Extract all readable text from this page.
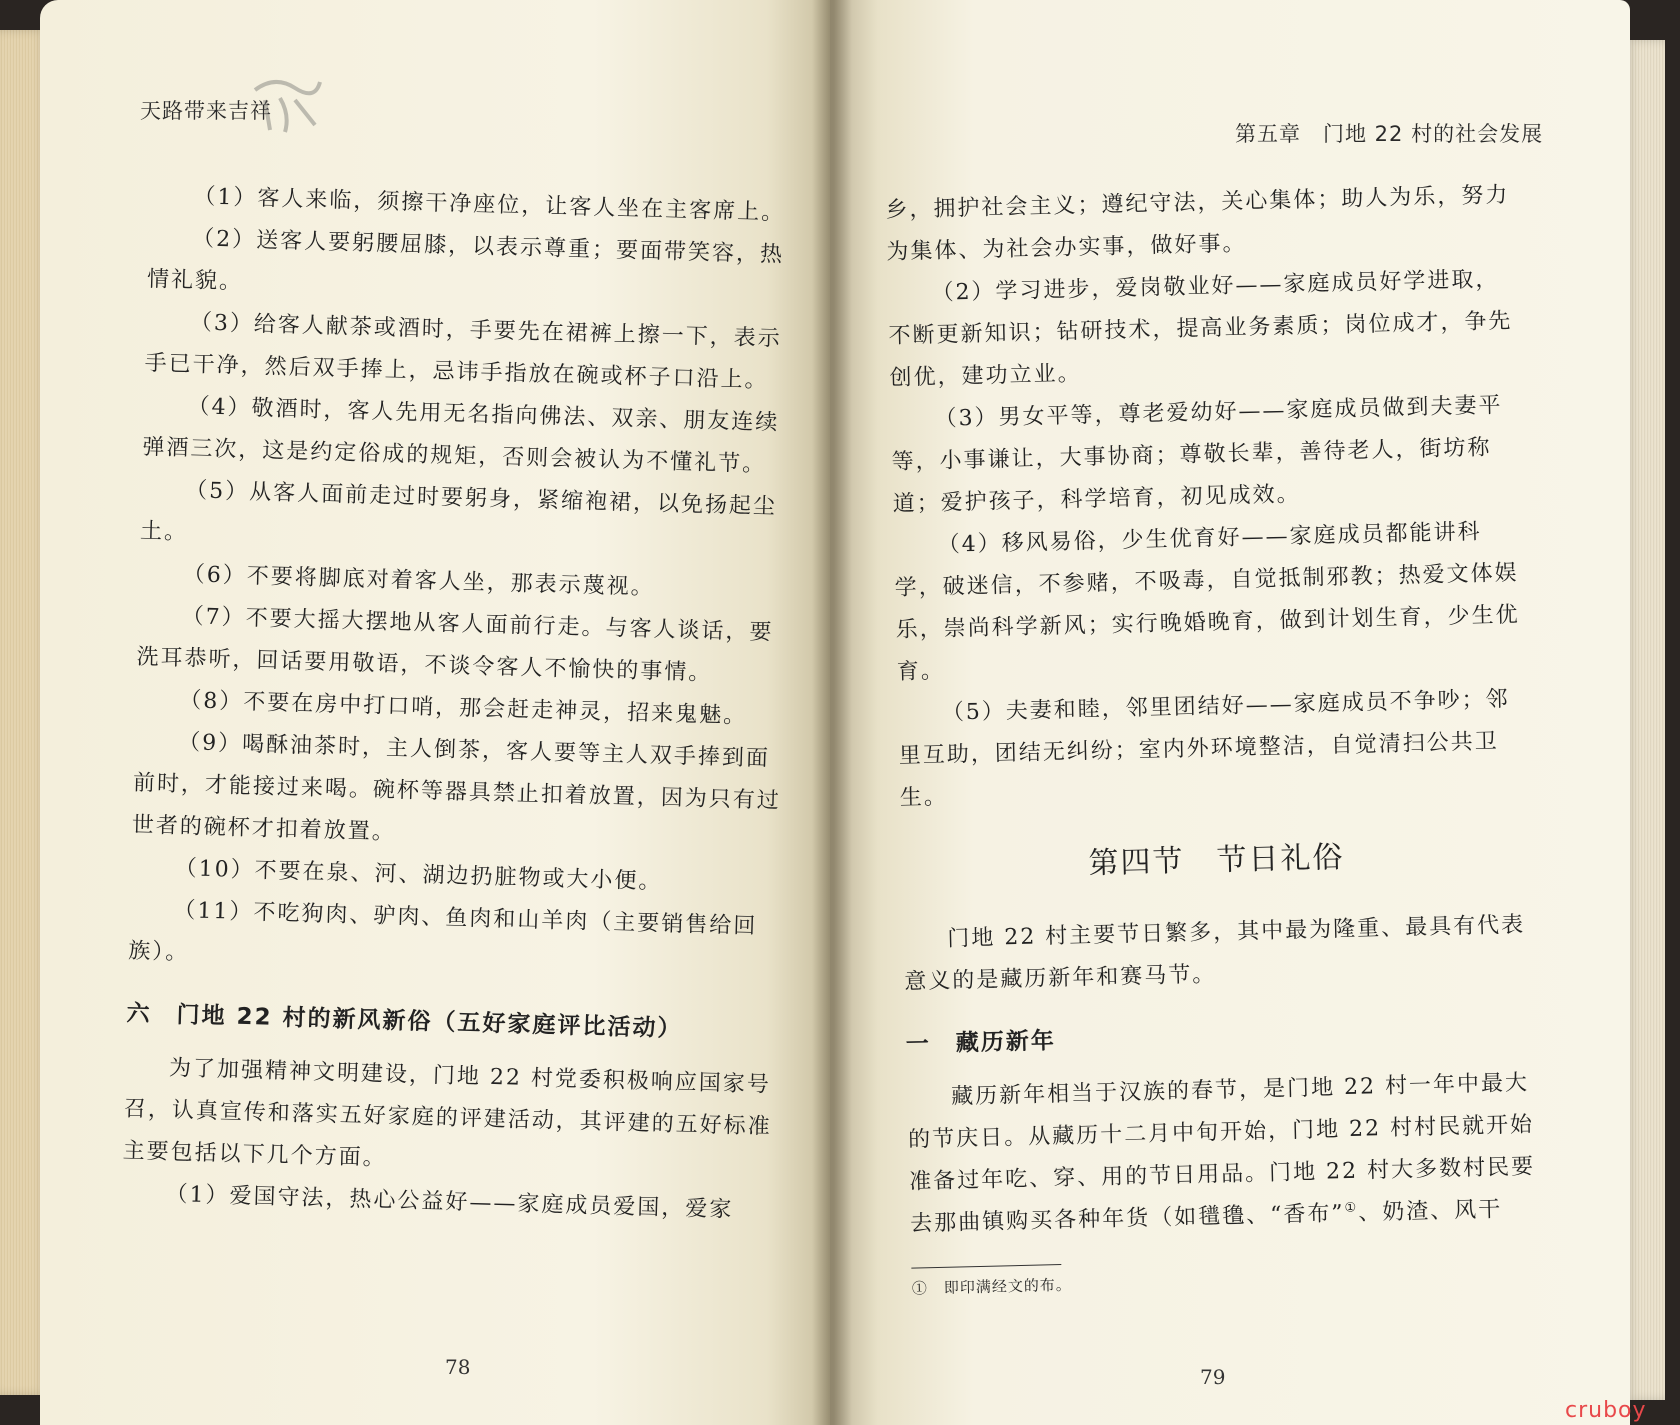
天路带来吉祥
第五章　门地 22 村的社会发展

（1）客人来临，须擦干净座位，让客人坐在主客席上。

（2）送客人要躬腰屈膝，以表示尊重；要面带笑容，热情礼貌。

（3）给客人献茶或酒时，手要先在裙裤上擦一下，表示手已干净，然后双手捧上，忌讳手指放在碗或杯子口沿上。

（4）敬酒时，客人先用无名指向佛法、双亲、朋友连续弹酒三次，这是约定俗成的规矩，否则会被认为不懂礼节。

（5）从客人面前走过时要躬身，紧缩袍裙，以免扬起尘土。

（6）不要将脚底对着客人坐，那表示蔑视。

（7）不要大摇大摆地从客人面前行走。与客人谈话，要洗耳恭听，回话要用敬语，不谈令客人不愉快的事情。

（8）不要在房中打口哨，那会赶走神灵，招来鬼魅。

（9）喝酥油茶时，主人倒茶，客人要等主人双手捧到面前时，才能接过来喝。碗杯等器具禁止扣着放置，因为只有过世者的碗杯才扣着放置。

（10）不要在泉、河、湖边扔脏物或大小便。

（11）不吃狗肉、驴肉、鱼肉和山羊肉（主要销售给回族）。

六　门地 22 村的新风新俗（五好家庭评比活动）

为了加强精神文明建设，门地 22 村党委积极响应国家号召，认真宣传和落实五好家庭的评建活动，其评建的五好标准主要包括以下几个方面。

（1）爱国守法，热心公益好——家庭成员爱国，爱家

乡，拥护社会主义；遵纪守法，关心集体；助人为乐，努力为集体、为社会办实事，做好事。

（2）学习进步，爱岗敬业好——家庭成员好学进取，不断更新知识；钻研技术，提高业务素质；岗位成才，争先创优，建功立业。

（3）男女平等，尊老爱幼好——家庭成员做到夫妻平等，小事谦让，大事协商；尊敬长辈，善待老人，街坊称道；爱护孩子，科学培育，初见成效。

（4）移风易俗，少生优育好——家庭成员都能讲科学，破迷信，不参赌，不吸毒，自觉抵制邪教；热爱文体娱乐，崇尚科学新风；实行晚婚晚育，做到计划生育，少生优育。

（5）夫妻和睦，邻里团结好——家庭成员不争吵；邻里互助，团结无纠纷；室内外环境整洁，自觉清扫公共卫生。

第四节　节日礼俗

门地 22 村主要节日繁多，其中最为隆重、最具有代表意义的是藏历新年和赛马节。

一　藏历新年

藏历新年相当于汉族的春节，是门地 22 村一年中最大的节庆日。从藏历十二月中旬开始，门地 22 村村民就开始准备过年吃、穿、用的节日用品。门地 22 村大多数村民要去那曲镇购买各种年货（如氆氇、“香布”①、奶渣、风干

①　即印满经文的布。

78	79
cruboy
